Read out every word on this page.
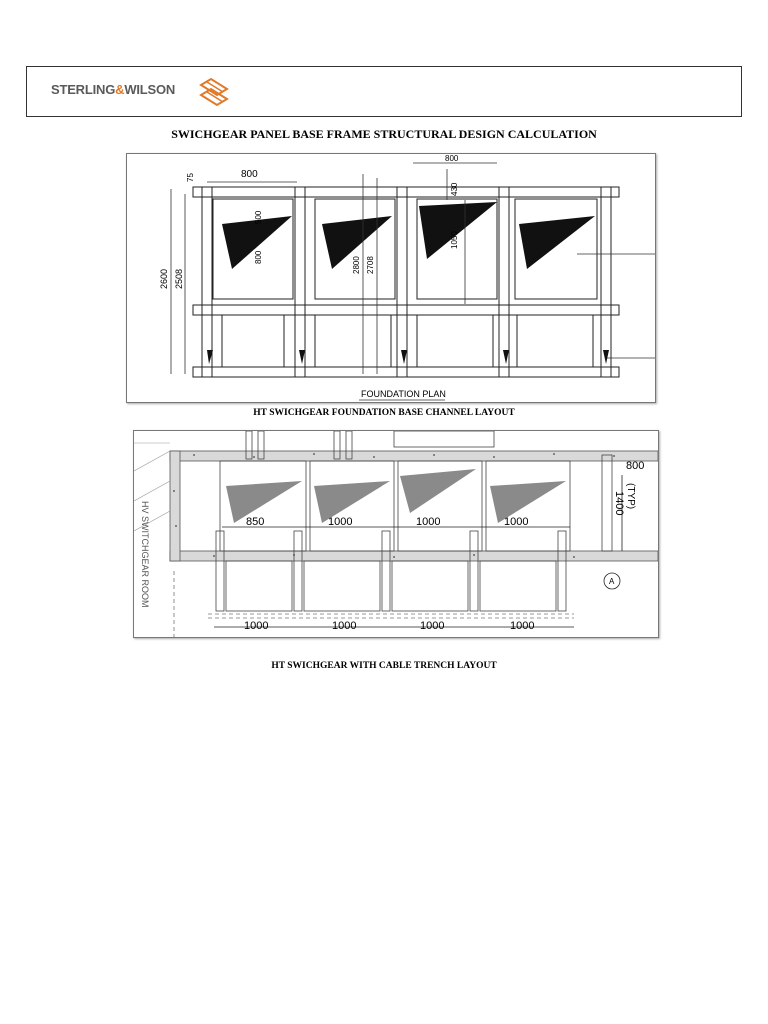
STERLING&WILSON
SWICHGEAR PANEL BASE FRAME STRUCTURAL DESIGN CALCULATION
800
800
75
2600 2508
500
800	2800 2708
430
1050
FOUNDATION PLAN
HT SWICHGEAR FOUNDATION BASE CHANNEL LAYOUT
850	1000	1000	1000
1000	1000	1000	1000
800
(TYP)
1400
HV SWITCHGEAR ROOM	A
HT SWICHGEAR WITH CABLE TRENCH LAYOUT
